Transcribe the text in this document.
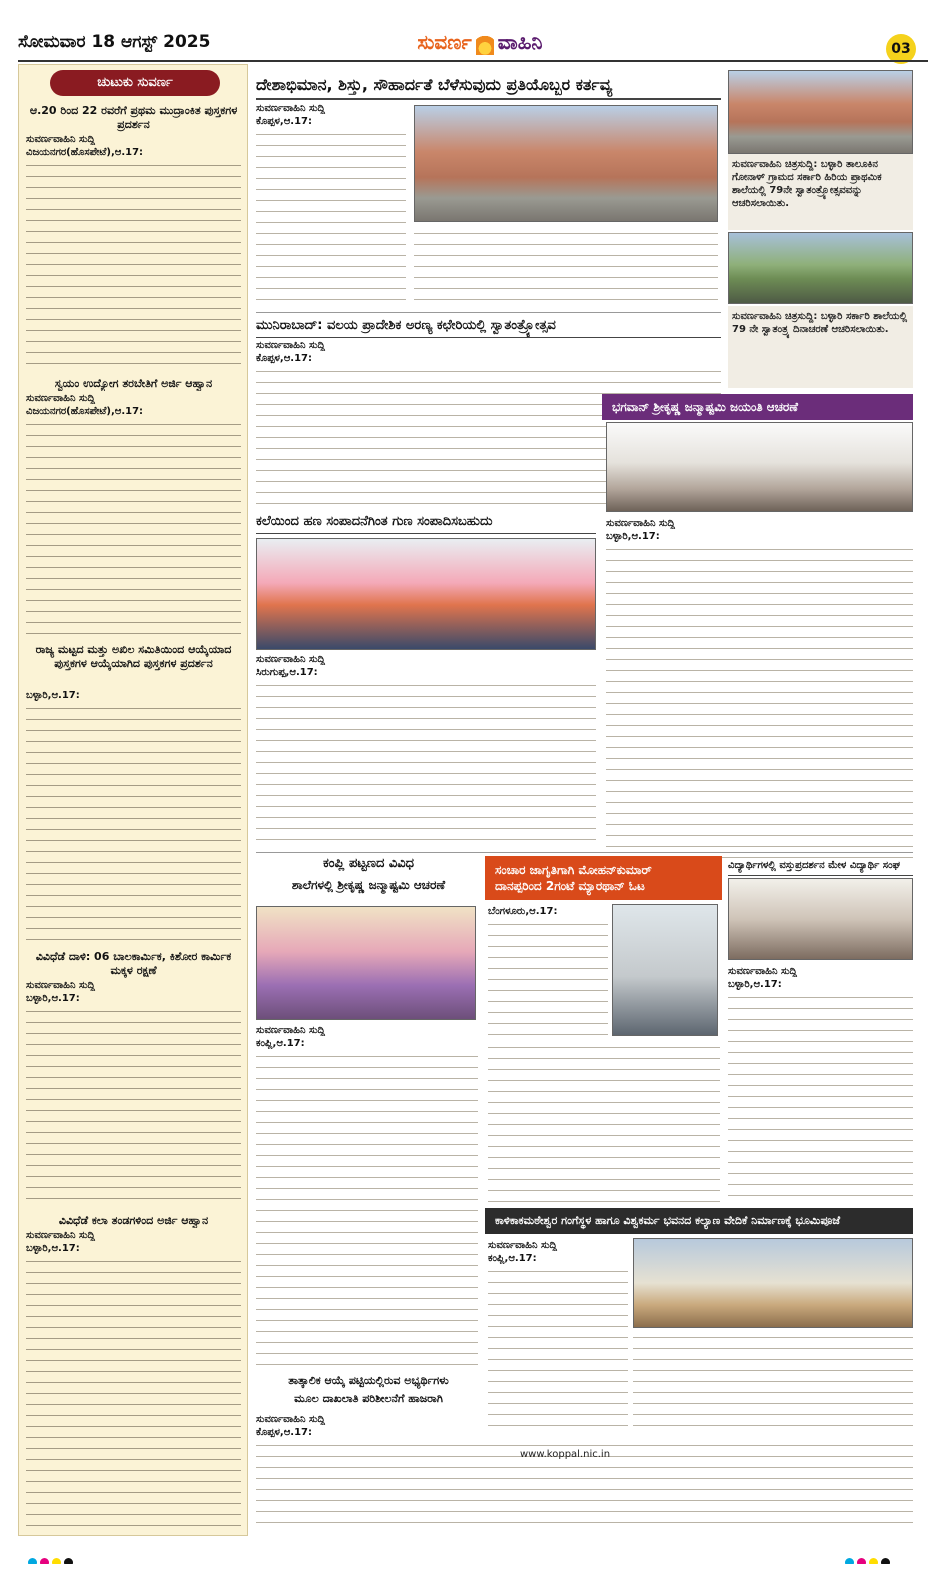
ಸೋಮವಾರ 18 ಆಗಸ್ಟ್ 2025	ಸುವರ್ಣ ವಾಹಿನಿ	03
ಚುಟುಕು ಸುವರ್ಣ
ಆ.20 ರಿಂದ 22 ರವರೆಗೆ ಪ್ರಥಮ ಮುದ್ರಾಂಕಿತ ಪುಸ್ತಕಗಳ ಪ್ರದರ್ಶನ
ಸುವರ್ಣವಾಹಿನಿ ಸುದ್ದಿ
ವಿಜಯನಗರ(ಹೊಸಪೇಟೆ),ಆ.17:
ಸ್ವಯಂ ಉದ್ಯೋಗ ತರಬೇತಿಗೆ ಅರ್ಜಿ ಆಹ್ವಾನ
ಸುವರ್ಣವಾಹಿನಿ ಸುದ್ದಿ
ವಿಜಯನಗರ(ಹೊಸಪೇಟೆ),ಆ.17:
ರಾಜ್ಯ ಮಟ್ಟದ ಮತ್ತು ಅಖಿಲ ಸಮಿತಿಯಿಂದ ಆಯ್ಕೆಯಾದ ಪುಸ್ತಕಗಳ ಆಯ್ಕೆಯಾಗಿದ ಪುಸ್ತಕಗಳ ಪ್ರದರ್ಶನ
ಬಳ್ಳಾರಿ,ಆ.17:
ವಿವಿಧೆಡೆ ದಾಳಿ: 06 ಬಾಲಕಾರ್ಮಿಕ, ಕಿಶೋರ ಕಾರ್ಮಿಕ ಮಕ್ಕಳ ರಕ್ಷಣೆ
ಸುವರ್ಣವಾಹಿನಿ ಸುದ್ದಿ
ಬಳ್ಳಾರಿ,ಆ.17:
ವಿವಿಧೆಡೆ ಕಲಾ ತಂಡಗಳಿಂದ ಅರ್ಜಿ ಆಹ್ವಾನ
ಸುವರ್ಣವಾಹಿನಿ ಸುದ್ದಿ
ಬಳ್ಳಾರಿ,ಆ.17:
ದೇಶಾಭಿಮಾನ, ಶಿಸ್ತು, ಸೌಹಾರ್ದತೆ ಬೆಳೆಸುವುದು ಪ್ರತಿಯೊಬ್ಬರ ಕರ್ತವ್ಯ
ಸುವರ್ಣವಾಹಿನಿ ಸುದ್ದಿ
ಕೊಪ್ಪಳ,ಆ.17:
ಸುವರ್ಣವಾಹಿನಿ ಚಿತ್ರಸುದ್ದಿ: ಬಳ್ಳಾರಿ ತಾಲೂಕಿನ ಗೋನಾಳ್ ಗ್ರಾಮದ ಸರ್ಕಾರಿ ಹಿರಿಯ ಪ್ರಾಥಮಿಕ ಶಾಲೆಯಲ್ಲಿ 79ನೇ ಸ್ವಾತಂತ್ರ್ಯೋತ್ಸವವನ್ನು ಆಚರಿಸಲಾಯಿತು.
ಸುವರ್ಣವಾಹಿನಿ ಚಿತ್ರಸುದ್ದಿ: ಬಳ್ಳಾರಿ ಸರ್ಕಾರಿ ಶಾಲೆಯಲ್ಲಿ 79 ನೇ ಸ್ವಾತಂತ್ರ್ಯ ದಿನಾಚರಣೆ ಆಚರಿಸಲಾಯಿತು.
ಮುನಿರಾಬಾದ್: ವಲಯ ಪ್ರಾದೇಶಿಕ ಅರಣ್ಯ ಕಛೇರಿಯಲ್ಲಿ ಸ್ವಾತಂತ್ರ್ಯೋತ್ಸವ
ಸುವರ್ಣವಾಹಿನಿ ಸುದ್ದಿ
ಕೊಪ್ಪಳ,ಆ.17:
ಭಗವಾನ್ ಶ್ರೀಕೃಷ್ಣ ಜನ್ಮಾಷ್ಟಮಿ ಜಯಂತಿ ಆಚರಣೆ
ಸುವರ್ಣವಾಹಿನಿ ಸುದ್ದಿ
ಬಳ್ಳಾರಿ,ಆ.17:
ಕಲೆಯಿಂದ ಹಣ ಸಂಪಾದನೆಗಿಂತ ಗುಣ ಸಂಪಾದಿಸಬಹುದು
ಸುವರ್ಣವಾಹಿನಿ ಸುದ್ದಿ
ಸಿರುಗುಪ್ಪ,ಆ.17:
ಕಂಪ್ಲಿ ಪಟ್ಟಣದ ವಿವಿಧ
ಶಾಲೆಗಳಲ್ಲಿ ಶ್ರೀಕೃಷ್ಣ ಜನ್ಮಾಷ್ಟಮಿ ಆಚರಣೆ
ಸುವರ್ಣವಾಹಿನಿ ಸುದ್ದಿ
ಕಂಪ್ಲಿ,ಆ.17:
ಸಂಚಾರ ಜಾಗೃತಿಗಾಗಿ ಮೋಹನ್‌ಕುಮಾರ್
ದಾನಪ್ಪರಿಂದ 2ಗಂಟೆ ಮ್ಯಾರಥಾನ್ ಓಟ
ಬೆಂಗಳೂರು,ಆ.17:
ವಿದ್ಯಾರ್ಥಿಗಳಲ್ಲಿ ವಸ್ತುಪ್ರದರ್ಶನ ಮೇಳ ವಿದ್ಯಾರ್ಥಿ ಸಂಘ
ಸುವರ್ಣವಾಹಿನಿ ಸುದ್ದಿ
ಬಳ್ಳಾರಿ,ಆ.17:
ಕಾಳಿಕಾಕಮಠೇಶ್ವರ ಗಂಗೆಸ್ಥಳ ಹಾಗೂ ವಿಶ್ವಕರ್ಮ ಭವನದ ಕಲ್ಯಾಣ ವೇದಿಕೆ ನಿರ್ಮಾಣಕ್ಕೆ ಭೂಮಿಪೂಜೆ
ಸುವರ್ಣವಾಹಿನಿ ಸುದ್ದಿ
ಕಂಪ್ಲಿ,ಆ.17:
ತಾತ್ಕಾಲಿಕ ಆಯ್ಕೆ ಪಟ್ಟಿಯಲ್ಲಿರುವ ಅಭ್ಯರ್ಥಿಗಳು
ಮೂಲ ದಾಖಲಾತಿ ಪರಿಶೀಲನೆಗೆ ಹಾಜರಾಗಿ
ಸುವರ್ಣವಾಹಿನಿ ಸುದ್ದಿ
ಕೊಪ್ಪಳ,ಆ.17:
www.koppal.nic.in
